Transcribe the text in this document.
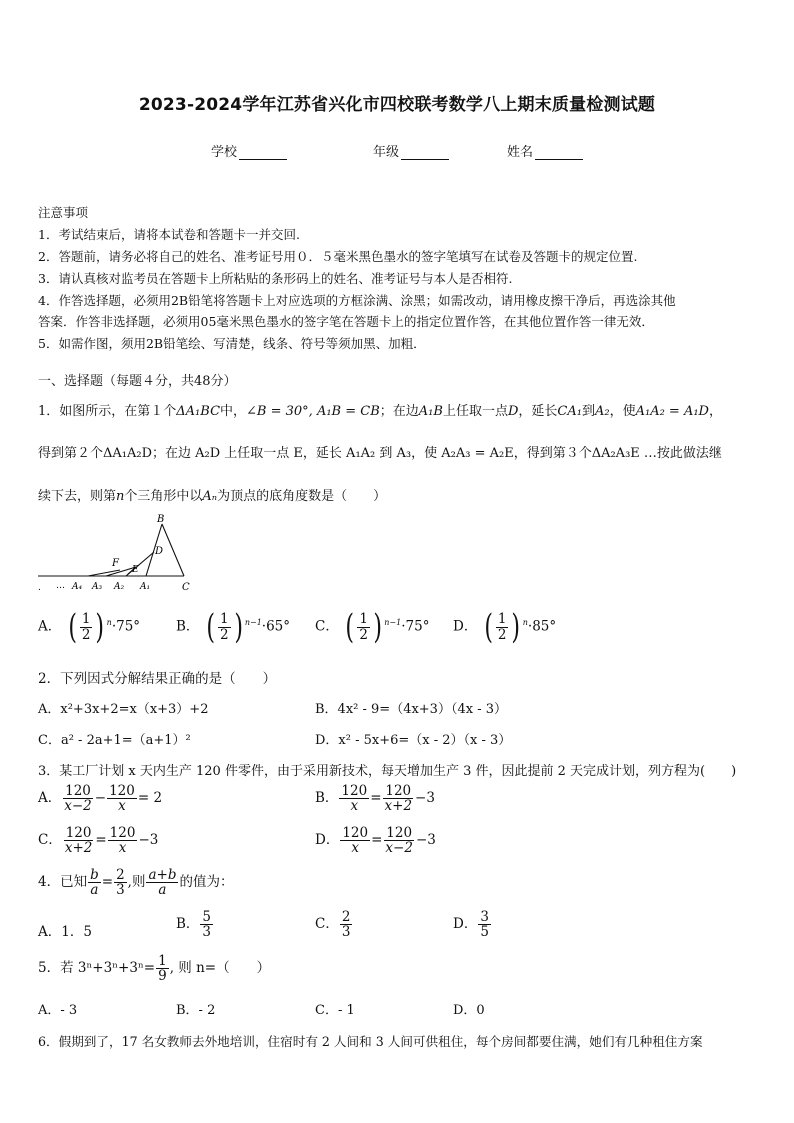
2023-2024学年江苏省兴化市四校联考数学八上期末质量检测试题
学校	年级	姓名
注意事项
1．考试结束后，请将本试卷和答题卡一并交回.
2．答题前，请务必将自己的姓名、准考证号用０．５毫米黑色墨水的签字笔填写在试卷及答题卡的规定位置.
3．请认真核对监考员在答题卡上所粘贴的条形码上的姓名、准考证号与本人是否相符.
4．作答选择题，必须用2B铅笔将答题卡上对应选项的方框涂满、涂黑；如需改动，请用橡皮擦干净后，再选涂其他
答案．作答非选择题，必须用05毫米黑色墨水的签字笔在答题卡上的指定位置作答，在其他位置作答一律无效．
5．如需作图，须用2B铅笔绘、写清楚，线条、符号等须加黑、加粗．
一、选择题（每题４分，共48分）
1．如图所示，在第１个ΔA₁BC中，∠B = 30°, A₁B = CB；在边A₁B上任取一点D，延长CA₁到A₂，使A₁A₂ = A₁D，
得到第２个ΔA₁A₂D；在边 A₂D 上任取一点 E，延长 A₁A₂ 到 A₃，使 A₂A₃ = A₂E，得到第３个ΔA₂A₃E …按此做法继
续下去，则第n个三角形中以Aₙ为顶点的底角度数是（　　）
B
D
F
E
. … A₄ A₃ A₂ A₁	C
A． ( $\frac{1}{2}$ ) $^n$·75°	B． ( $\frac{1}{2}$ ) $^{n-1}$·65° C． ( $\frac{1}{2}$ ) $^{n-1}$·75° D． ( $\frac{1}{2}$ ) $^n$·85°
2．下列因式分解结果正确的是（　　）
A．x²+3x+2=x（x+3）+2	B．4x² - 9=（4x+3）（4x - 3）
C．a² - 2a+1=（a+1）²	D．x² - 5x+6=（x - 2）（x - 3）
3．某工厂计划 x 天内生产 120 件零件，由于采用新技术，每天增加生产 3 件，因此提前 2 天完成计划，列方程为(　　)
A． $\frac{120}{x-2} - \frac{120}{x} = 2$	B． $\frac{120}{x} = \frac{120}{x+2} -3$
C． $\frac{120}{x+2} = \frac{120}{x} -3$	D． $\frac{120}{x} = \frac{120}{x-2} -3$
4．已知 $\frac{b}{a} = \frac{2}{3}$ ,则 $\frac{a+b}{a}$ 的值为：
A．1．5	B． $\frac{5}{3}$	C． $\frac{2}{3}$	D． $\frac{3}{5}$
5．若 $3^n+3^n+3^n= \frac{1}{9}$ , 则 n=（　　）
A．- 3	B．- 2	C．- 1	D．0
6．假期到了，17 名女教师去外地培训，住宿时有 2 人间和 3 人间可供租住，每个房间都要住满，她们有几种租住方案
